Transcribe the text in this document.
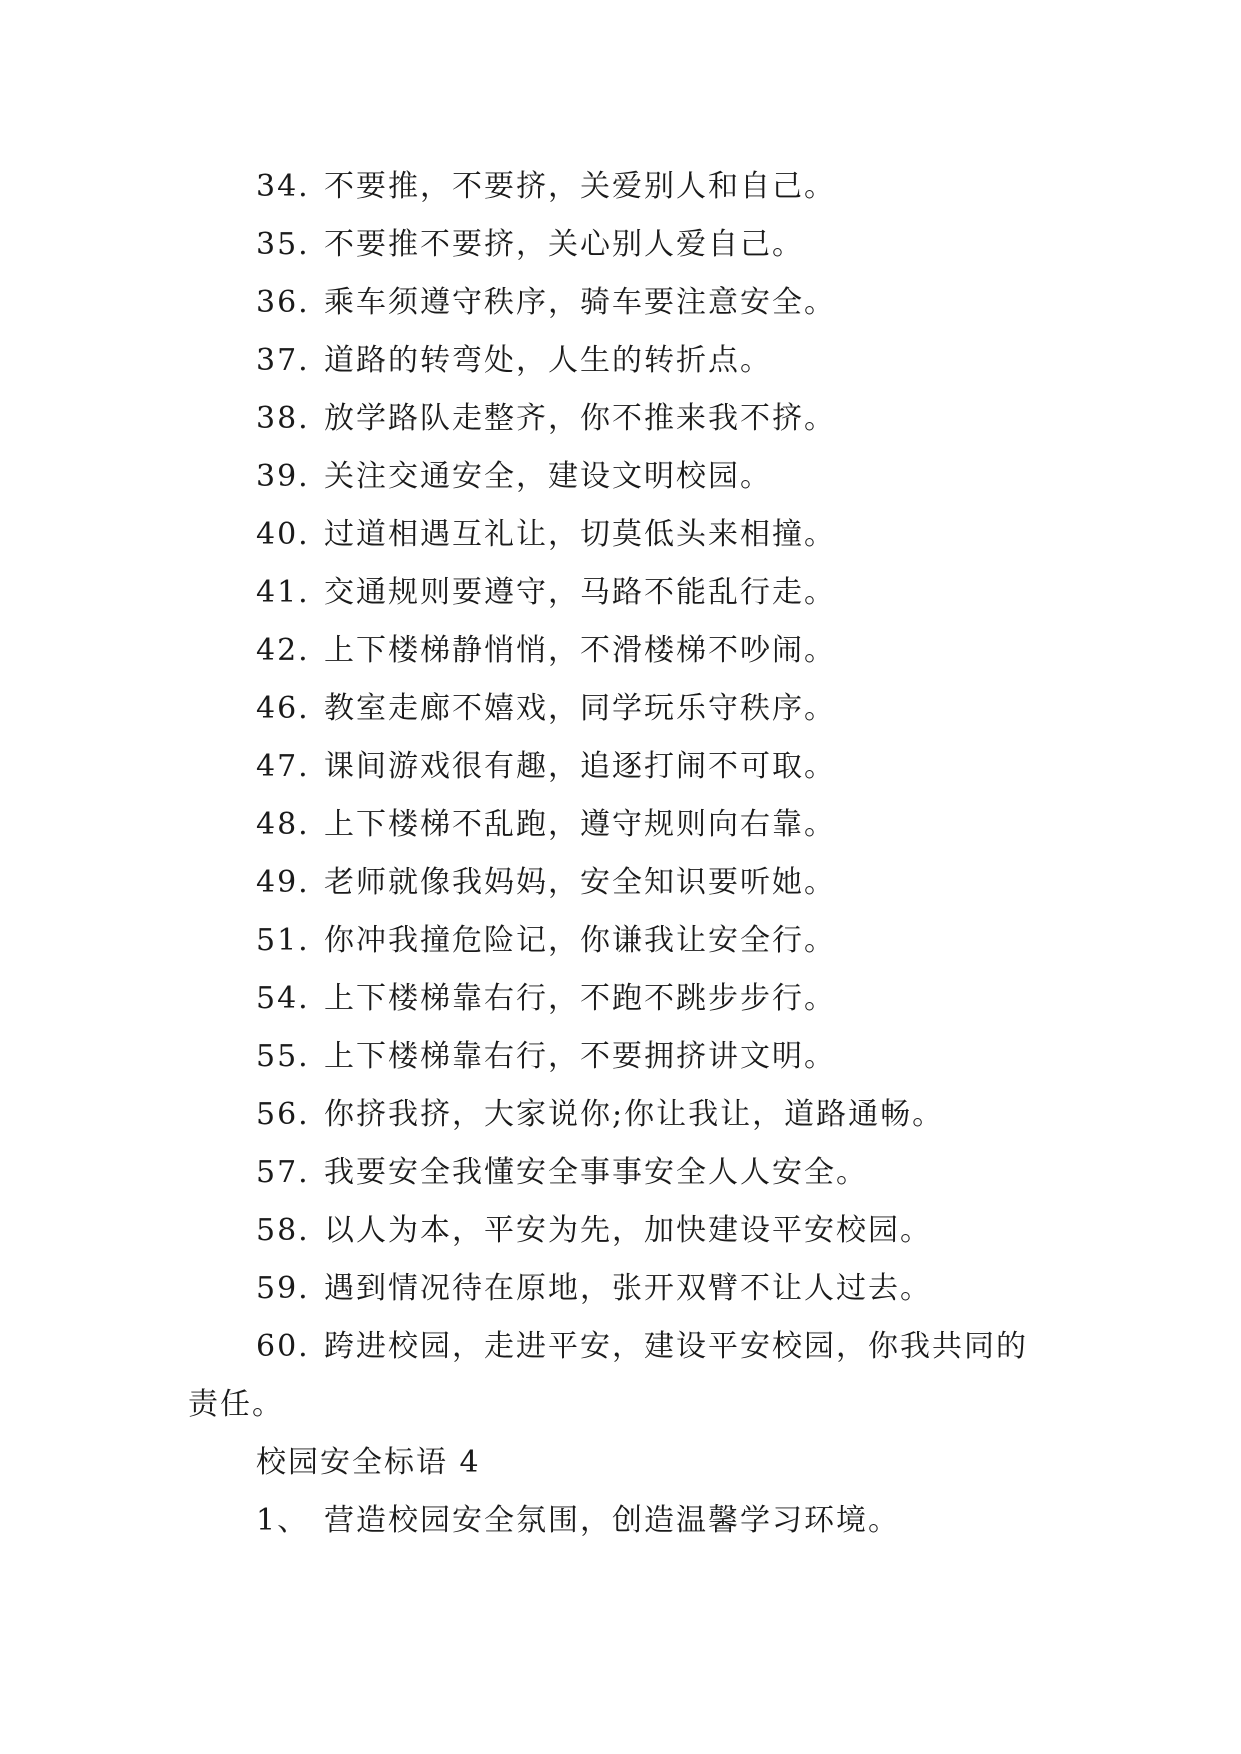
34. 不要推，不要挤，关爱别人和自己。
35. 不要推不要挤，关心别人爱自己。
36. 乘车须遵守秩序，骑车要注意安全。
37. 道路的转弯处，人生的转折点。
38. 放学路队走整齐，你不推来我不挤。
39. 关注交通安全，建设文明校园。
40. 过道相遇互礼让，切莫低头来相撞。
41. 交通规则要遵守，马路不能乱行走。
42. 上下楼梯静悄悄，不滑楼梯不吵闹。
46. 教室走廊不嬉戏，同学玩乐守秩序。
47. 课间游戏很有趣，追逐打闹不可取。
48. 上下楼梯不乱跑，遵守规则向右靠。
49. 老师就像我妈妈，安全知识要听她。
51. 你冲我撞危险记，你谦我让安全行。
54. 上下楼梯靠右行，不跑不跳步步行。
55. 上下楼梯靠右行，不要拥挤讲文明。
56. 你挤我挤，大家说你;你让我让，道路通畅。
57. 我要安全我懂安全事事安全人人安全。
58. 以人为本，平安为先，加快建设平安校园。
59. 遇到情况待在原地，张开双臂不让人过去。
60. 跨进校园，走进平安，建设平安校园，你我共同的
责任。
校园安全标语 4
1、 营造校园安全氛围，创造温馨学习环境。
